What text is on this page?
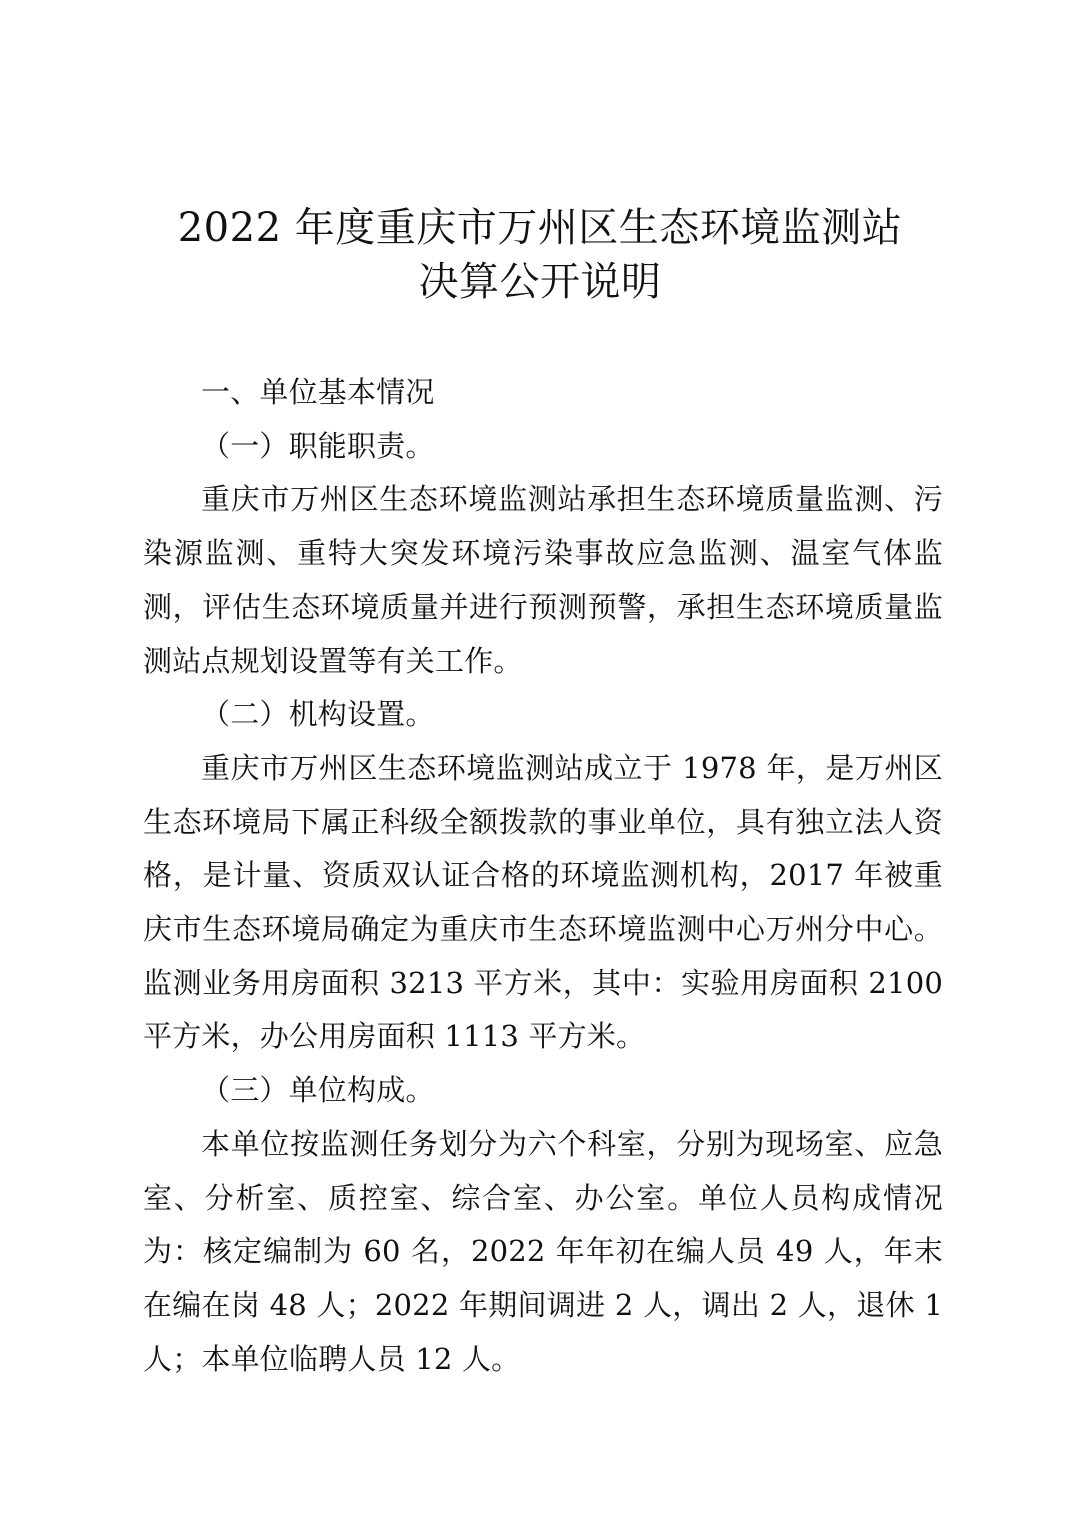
2022 年度重庆市万州区生态环境监测站
决算公开说明

一、单位基本情况

（一）职能职责。

重庆市万州区生态环境监测站承担生态环境质量监测、污染源监测、重特大突发环境污染事故应急监测、温室气体监测，评估生态环境质量并进行预测预警，承担生态环境质量监测站点规划设置等有关工作。

（二）机构设置。

重庆市万州区生态环境监测站成立于 1978 年，是万州区生态环境局下属正科级全额拨款的事业单位，具有独立法人资格，是计量、资质双认证合格的环境监测机构，2017 年被重庆市生态环境局确定为重庆市生态环境监测中心万州分中心。监测业务用房面积 3213 平方米，其中：实验用房面积 2100 平方米，办公用房面积 1113 平方米。

（三）单位构成。

本单位按监测任务划分为六个科室，分别为现场室、应急室、分析室、质控室、综合室、办公室。单位人员构成情况为：核定编制为 60 名，2022 年年初在编人员 49 人，年末在编在岗 48 人；2022 年期间调进 2 人，调出 2 人，退休 1 人；本单位临聘人员 12 人。
